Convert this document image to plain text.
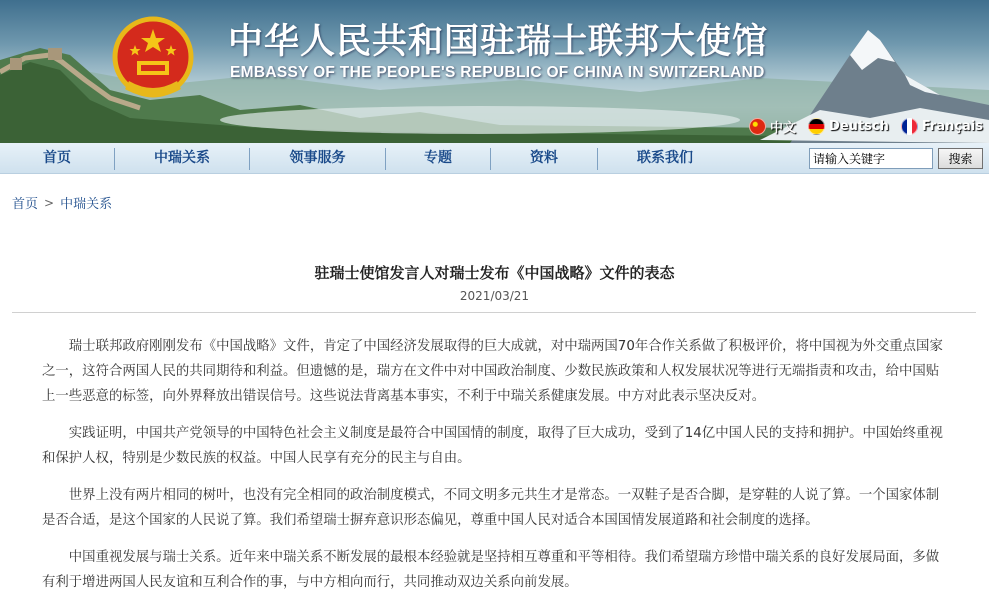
中华人民共和国驻瑞士联邦大使馆
EMBASSY OF THE PEOPLE'S REPUBLIC OF CHINA IN SWITZERLAND
中文	Deutsch	Français
首页	中瑞关系	领事服务	专题	资料	联系我们
请输入关键字	搜索
首页 > 中瑞关系
驻瑞士使馆发言人对瑞士发布《中国战略》文件的表态
2021/03/21

瑞士联邦政府刚刚发布《中国战略》文件，肯定了中国经济发展取得的巨大成就，对中瑞两国70年合作关系做了积极评价，将中国视为外交重点国家之一，这符合两国人民的共同期待和利益。但遗憾的是，瑞方在文件中对中国政治制度、少数民族政策和人权发展状况等进行无端指责和攻击，给中国贴上一些恶意的标签，向外界释放出错误信号。这些说法背离基本事实，不利于中瑞关系健康发展。中方对此表示坚决反对。

实践证明，中国共产党领导的中国特色社会主义制度是最符合中国国情的制度，取得了巨大成功，受到了14亿中国人民的支持和拥护。中国始终重视和保护人权，特别是少数民族的权益。中国人民享有充分的民主与自由。

世界上没有两片相同的树叶，也没有完全相同的政治制度模式，不同文明多元共生才是常态。一双鞋子是否合脚，是穿鞋的人说了算。一个国家体制是否合适，是这个国家的人民说了算。我们希望瑞士摒弃意识形态偏见，尊重中国人民对适合本国国情发展道路和社会制度的选择。

中国重视发展与瑞士关系。近年来中瑞关系不断发展的最根本经验就是坚持相互尊重和平等相待。我们希望瑞方珍惜中瑞关系的良好发展局面，多做有利于增进两国人民友谊和互利合作的事，与中方相向而行，共同推动双边关系向前发展。
